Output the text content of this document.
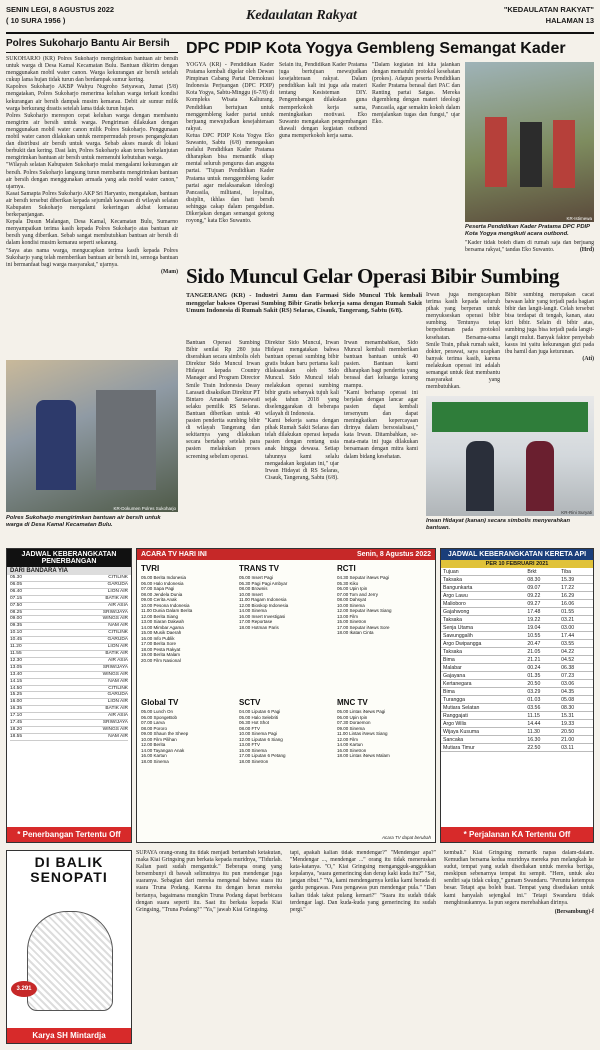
SENIN LEGI, 8 AGUSTUS 2022
( 10 SURA 1956 )	Kedaulatan Rakyat	"KEDAULATAN RAKYAT"
HALAMAN 13
Polres Sukoharjo Bantu Air Bersih

SUKOHARJO (KR) Polres Sukoharjo mengirimkan bantuan air bersih untuk warga di Desa Kamal Kecamatan Bulu. Bantuan dikirim dengan menggunakan mobil water canon. Warga kekurangan air bersih setelah cukup lama hujan tidak turun dan berdampak sumur kering.

Kapolres Sukoharjo AKBP Wahyu Nugroho Setyawan, Jumat (5/8) mengatakan, Polres Sukoharjo menerima keluhan warga terkait kondisi kekurangan air bersih dampak musim kemarau. Debit air sumur milik warga berkurang drastis setelah lama tidak turun hujan.

Polres Sukoharjo merespon cepat keluhan warga dengan membantu mengirim air bersih untuk warga. Pengiriman dilakukan dengan menggunakan mobil water canon milik Polres Sukoharjo. Penggunaan mobil water canon dilakukan untuk mempermudah proses pengangkutan dan distribusi air bersih untuk warga. Sebab akses masuk di lokasi berbukit dan kering. Dasi lain, Polres Sukoharjo akan terus berkelanjutan mengirimkan bantuan air bersih untuk memenuhi kebutuhan warga.

"Wilayah selatan Kabupaten Sukoharjo mulai mengalami kekurangan air bersih. Polres Sukoharjo langsung turun membantu mengirimkan bantuan air bersih dengan menggunakan armada yang ada mobil water canon," ujarnya.

Kasat Samapta Polres Sukoharjo AKP Sri Haryanto, mengatakan, bantuan air bersih tersebut diberikan kepada sejumlah kawasan di wilayah selatan Kabupaten Sukoharjo mengalami kekeringan akibat kemarau berkepanjangan.

Kepala Dusun Malangan, Desa Kamal, Kecamatan Bulu, Sumarno menyampaikan terima kasih kepada Polres Sukoharjo atas bantuan air bersih yang diberikan. Sebab sangat membutuhkan bantuan air bersih di dalam kondisi musim kemarau seperti sekarang.

"Saya atas nama warga, mengucapkan terima kasih kepada Polres Sukoharjo yang telah memberikan bantuan air bersih ini, semoga bantuan ini bermanfaat bagi warga masyarakat," ujarnya.

(Mam)

KR-Dokumen Polres Sukoharjo
Polres Sukoharjo mengirimkan bantuan air bersih untuk warga di Desa Kamal Kecamatan Bulu.
DPC PDIP Kota Yogya Gembleng Semangat Kader

YOGYA (KR) - Pendidikan Kader Pratama kembali digelar oleh Dewan Pimpinan Cabang Partai Demokrasi Indonesia Perjuangan (DPC PDIP) Kota Yogya, Sabtu-Minggu (6-7/8) di Kompleks Wisata Kaliurang. Pendidikan bertujuan untuk menggembleng kader partai untuk berjuang mewujudkan kesejahteraan rakyat.

Ketua DPC PDIP Kota Yogya Eko Suwanto, Sabtu (6/8) menegaskan melalui Pendidikan Kader Pratama diharapkan bisa memantik sikap mental seluruh pengurus dan anggota partai. "Tujuan Pendidikan Kader Pratama untuk menggembleng kader partai agar melaksanakan ideologi Pancasila, militansi, loyalitas, disiplin, ikhlas dan hati bersih sehingga cakap dalam pengabdian. Dikerjakan dengan semangat gotong royong," kata Eko Suwanto.

Selain itu, Pendidikan Kader Pratama juga bertujuan mewujudkan kesejahteraan rakyat. Dalam pendidikan kali ini juga ada materi tentang Kesisteman DIY. Pengembangan dilakukan guna memperkokoh kerja sama, meningkatkan motivasi. Eko Suwanto mengatakan pengembangan diawali dengan kegiatan outbond guna memperkokoh kerja sama.

"Dalam kegiatan ini kita jalankan dengan mematuhi protokol kesehatan (prokes). Adapun peserta Pendidikan Kader Pratama berasal dari PAC dan Ranting partai Satgas. Mereka digembleng dengan materi ideologi Pancasila, agar semakin kokoh dalam menjalankan tugas dan fungsi," ujar Eko.

KR-Istimewa
Peserta Pendidikan Kader Pratama DPC PDIP Kota Yogya mengikuti acara outbond.
"Kader tidak boleh diam di rumah saja dan berjuang bersama rakyat," tandas Eko Suwanto.	(Hrd)
Sido Muncul Gelar Operasi Bibir Sumbing
TANGERANG (KR) - Industri Jamu dan Farmasi Sido Muncul Tbk kembali menggelar baksos Operasi Sumbing Bibir Gratis bekerja sama dengan Rumah Sakit Umum Indonesia di Rumah Sakit (RS) Selaras, Cisauk, Tangerang, Sabtu (6/8).

Bantuan Operasi Sumbing Bibir senilai Rp 280 juta diserahkan secara simbolis oleh Direktur Sido Muncul Irwan Hidayat kepada Country Manager and Program Director Smile Train Indonesia Deasy Larasati disaksikan Direktur PT Bintaro Amanah Sarasewati selaku pemilik RS Selaras. Bantuan diberikan untuk 40 pasien penderita sumbing bibir di wilayah Tangerang dan sekitarnya yang dilakukan secara bertahap setelah para pasien melakukan proses screening sebelum operasi.

Direktur Sido Muncul, Irwan Hidayat mengatakan bahwa bantuan operasi sumbing bibir gratis bukan baru pertama kali dilaksanakan oleh Sido Muncul. Sido Muncul telah melakukan operasi sumbing bibir gratis sebanyak tujuh kali sejak tahun 2018 yang diselenggarakan di beberapa wilayah di Indonesia.

"Kami bekerja sama dengan pihak Rumah Sakit Selaras dan telah dilakukan operasi kepada pasien dengan rentang usia anak hingga dewasa. Setiap tahunnya kami selalu mengadakan kegiatan ini," ujar Irwan Hidayat di RS Selaras, Cisauk, Tangerang, Sabtu (6/8).

Irwan menambahkan, Sido Muncul kembali memberikan bantuan bantuan untuk 40 pasien. Bantuan kami diharapkan bagi penderita yang berasal dari keluarga kurang mampu.

"Kami berharap operasi ini berjalan dengan lancar agar pasien dapat kembali tersenyum dan dapat meningkatkan kepercayaan dirinya dalam bersosialisasi," kata Irwan. Ditambahkan, se-mata-mata ini juga dilakukan bersamaan dengan mitra kami dalam bidang kesehatan.

Irwan juga mengucapkan terima kasih kepada seluruh pihak yang berperan untuk menyukseskan operasi bibir sumbing. Tentunya tetap berpedoman pada protokol kesehatan. Bersama-sama Smile Train, pihak rumah sakit, dokter, perawat, saya ucapkan banyak terima kasih, karena melakukan operasi ini adalah semangat untuk ikut membantu masyarakat yang membutuhkan.

Bibir sumbing merupakan cacat bawaan lahir yang terjadi pada bagian bibir dan langit-langit. Celah tersebut bisa terdapat di tengah, kanan, atau kiri bibir. Selain di bibir atas, sumbing juga bisa terjadi pada langit-langit mulut. Banyak faktor penyebab kasus ini yaitu kekurangan gizi pada ibu hamil dan juga keturunan.

(Ati)

KR-Rini Suryati
Irwan Hidayat (kanan) secara simbolis menyerahkan bantuan.
JADWAL KEBERANGKATAN PENERBANGAN
DARI BANDARA YIA
05.30	CITILINK
06.05	GARUDA
06.40	LION AIR
07.15	BATIK AIR
07.50	AIR ASIA
08.25	SRIWIJAYA
09.00	WINGS AIR
09.35	NAM AIR
10.10	CITILINK
10.45	GARUDA
11.20	LION AIR
11.55	BATIK AIR
12.30	AIR ASIA
13.05	SRIWIJAYA
13.40	WINGS AIR
14.15	NAM AIR
14.50	CITILINK
15.25	GARUDA
16.00	LION AIR
16.35	BATIK AIR
17.10	AIR ASIA
17.45	SRIWIJAYA
18.20	WINGS AIR
18.55	NAM AIR
* Penerbangan Tertentu Off
ACARA TV HARI INI	Senin, 8 Agustus 2022
TVRI
05.00 Berita Indonesia
06.00 Halo Indonesia
07.00 Sapa Pagi
08.00 Jendela Dunia
09.00 Cerita Anak
10.00 Pesona Indonesia
11.00 Dunia Dalam Berita
12.00 Berita Siang
13.00 Siaran Dakwah
14.00 Mimbar Agama
15.00 Musik Daerah
16.00 Info Publik
17.00 Berita Sore
18.00 Pesta Rakyat
19.00 Berita Malam
20.00 Film Nasional
TRANS TV
05.00 Insert Pagi
06.30 Pagi Pagi Ambyar
08.00 Brownis
10.00 Insert
11.00 Ragam Indonesia
12.00 Bioskop Indonesia
14.00 Sinema
16.00 Insert Investigasi
17.00 Reportase
18.00 Hotman Paris
RCTI
04.30 Seputar iNews Pagi
05.30 Kiko
06.00 Upin Ipin
07.00 Tom and Jerry
08.00 Dahsyat
10.00 Sinema
12.00 Seputar iNews Siang
13.00 Film
15.00 Sinetron
17.00 Seputar iNews Sore
18.00 Ikatan Cinta
Global TV
05.00 Lunch On
06.00 SpongeBob
07.00 Larva
08.00 Pororo
09.00 Shaun the Sheep
10.00 Film Pilihan
12.00 Berita
14.00 Tayangan Anak
16.00 Kartun
18.00 Sinema
SCTV
04.00 Liputan 6 Pagi
05.00 Halo Selebriti
06.30 Hot Shot
08.00 FTV
10.00 Sinema Pagi
12.00 Liputan 6 Siang
13.00 FTV
15.00 Sinema
17.00 Liputan 6 Petang
18.00 Sinetron
MNC TV
05.00 Lintas iNews Pagi
06.00 Upin Ipin
07.30 Doraemon
09.00 Sinema
11.00 Lintas iNews Siang
12.00 Film
14.00 Kartun
16.00 Sinetron
18.00 Lintas iNews Malam
Acara TV dapat berubah
JADWAL KEBERANGKATAN KERETA API
PER 10 FEBRUARI 2021
Tujuan	Brkt	Tiba
Taksaka	08.30	15.39
Bangunkarta	09.07	17.22
Argo Lawu	09.22	16.29
Malioboro	09.27	16.06
Gajahwong	17.48	01.55
Taksaka	19.22	03.21
Senja Utama	19.04	03.00
Sawunggalih	10.55	17.44
Argo Dwipangga	20.47	03.55
Taksaka	21.05	04.22
Bima	21.21	04.52
Malabar	00.24	06.38
Gajayana	01.35	07.23
Kertanegara	20.50	03.06
Bima	03.29	04.35
Turangga	01.03	05.08
Mutiara Selatan	03.56	08.30
Ranggajati	11.15	15.31
Argo Wilis	14.44	19.33
Wijaya Kusuma	11.30	20.50
Sancaka	16.30	21.00
Mutiara Timur	22.50	03.11
* Perjalanan KA Tertentu Off
DI BALIK SENOPATI
3.291
Karya SH Mintardja
SUPAYA orang-orang itu tidak menjadi bertambah ketakutan, maka Kiai Gringsing pun berkata kepada muridnya, "Tidurlah. Kalian pasti sudah mengantuk." Beberapa orang yang bersembunyi di bawah selimutnya itu pun mendengar juga suaranya. Sebagian dari mereka mengenal bahwa suara itu suara Truna Podang. Karena itu dengan heran mereka bertanya, bagaimana mungkin Truna Podang dapat berbicara dengan suara seperti itu. Saat itu berkata kepada Kiai Gringsing, "Truna Podang?" "Ya," jawab Kiai Gringsing.
tapi, apakah kalian tidak mendengar?" "Mendengar apa?" "Mendengar ..., mendengar ..." orang itu tidak meneruskan kata-katanya. "O," Kiai Gringsing mengangguk-anggukkan kepalanya, "suara gemerincing dan derap kaki kuda itu?" "Sst, jangan ribut." "Ya, kami mendengarnya ketika kami berada di gardu pengawas. Para pengawas pun mendengar pula." "Dan kalian tidak takut pulang kemari?" "Suara itu sudah tidak terdengar lagi. Dan kuda-kuda yang gemerincing itu sudah pergi."
kembali." Kiai Gringsing menarik napas dalam-dalam. Kemudian bersama kedua muridnya mereka pun melangkah ke sudut, tempat yang sudah disediakan untuk mereka bertiga, meskipun sebenarnya tempat itu sempit. "Hem, untuk aku sendiri saja tidak cukup," gumam Swandaru. "Peruntu ketempus besar. Tetapi apa boleh buat. Tempat yang disediakan untuk kami hanyalah sejengkal ini." Tetapi Swandaru tidak menghiraukannya. Ia pun segera merebahkan dirinya.
(Bersambung)-f
